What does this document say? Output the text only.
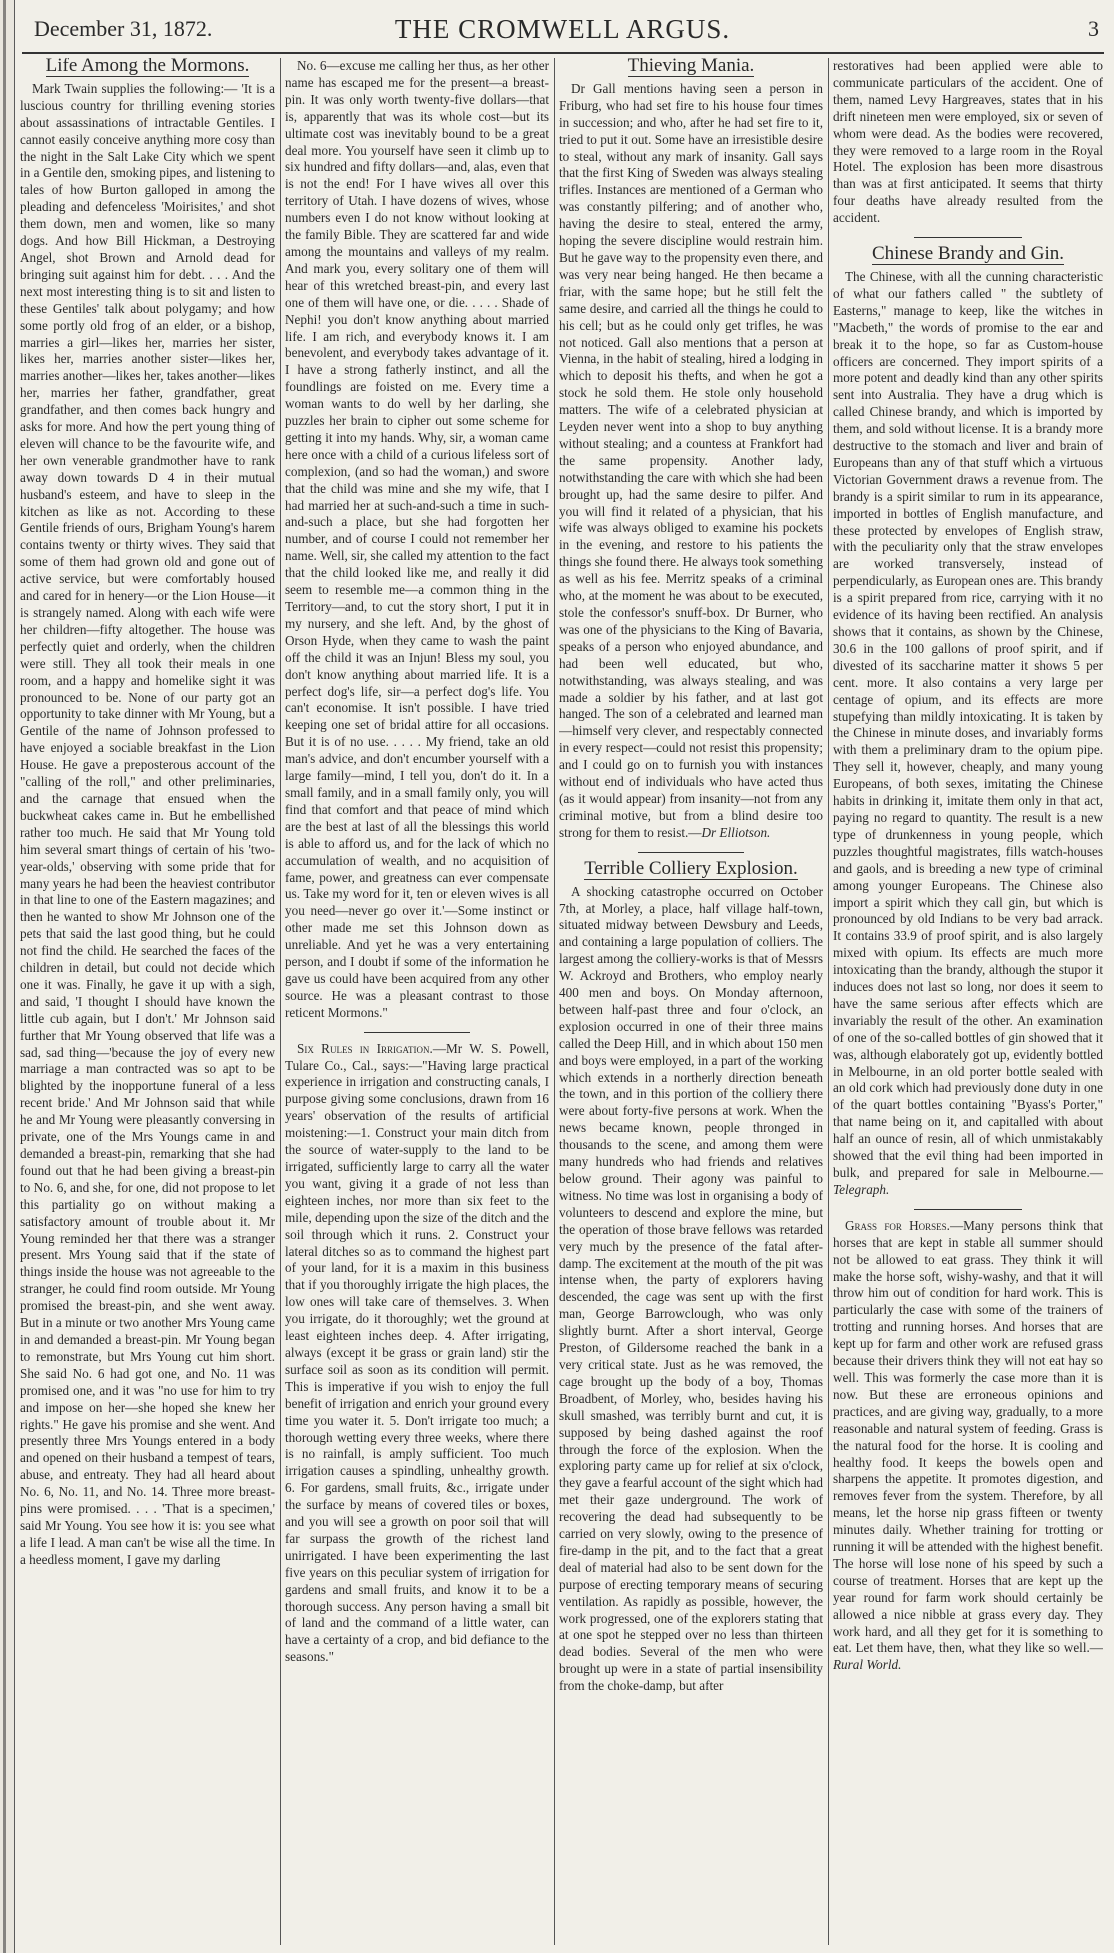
December 31, 1872.	THE CROMWELL ARGUS.	3
Life Among the Mormons.

Mark Twain supplies the following:— 'It is a luscious country for thrilling evening stories about assassinations of intractable Gentiles. I cannot easily conceive anything more cosy than the night in the Salt Lake City which we spent in a Gentile den, smoking pipes, and listening to tales of how Burton galloped in among the pleading and defenceless 'Moirisites,' and shot them down, men and women, like so many dogs. And how Bill Hickman, a Destroying Angel, shot Brown and Arnold dead for bringing suit against him for debt. . . . And the next most interesting thing is to sit and listen to these Gentiles' talk about polygamy; and how some portly old frog of an elder, or a bishop, marries a girl—likes her, marries her sister, likes her, marries another sister—likes her, marries another—likes her, takes another—likes her, marries her father, grandfather, great grandfather, and then comes back hungry and asks for more. And how the pert young thing of eleven will chance to be the favourite wife, and her own venerable grandmother have to rank away down towards D 4 in their mutual husband's esteem, and have to sleep in the kitchen as like as not. According to these Gentile friends of ours, Brigham Young's harem contains twenty or thirty wives. They said that some of them had grown old and gone out of active service, but were comfortably housed and cared for in henery—or the Lion House—it is strangely named. Along with each wife were her children—fifty altogether. The house was perfectly quiet and orderly, when the children were still. They all took their meals in one room, and a happy and homelike sight it was pronounced to be. None of our party got an opportunity to take dinner with Mr Young, but a Gentile of the name of Johnson professed to have enjoyed a sociable breakfast in the Lion House. He gave a preposterous account of the "calling of the roll," and other preliminaries, and the carnage that ensued when the buckwheat cakes came in. But he embellished rather too much. He said that Mr Young told him several smart things of certain of his 'two-year-olds,' observing with some pride that for many years he had been the heaviest contributor in that line to one of the Eastern magazines; and then he wanted to show Mr Johnson one of the pets that said the last good thing, but he could not find the child. He searched the faces of the children in detail, but could not decide which one it was. Finally, he gave it up with a sigh, and said, 'I thought I should have known the little cub again, but I don't.' Mr Johnson said further that Mr Young observed that life was a sad, sad thing—'because the joy of every new marriage a man contracted was so apt to be blighted by the inopportune funeral of a less recent bride.' And Mr Johnson said that while he and Mr Young were pleasantly conversing in private, one of the Mrs Youngs came in and demanded a breast-pin, remarking that she had found out that he had been giving a breast-pin to No. 6, and she, for one, did not propose to let this partiality go on without making a satisfactory amount of trouble about it. Mr Young reminded her that there was a stranger present. Mrs Young said that if the state of things inside the house was not agreeable to the stranger, he could find room outside. Mr Young promised the breast-pin, and she went away. But in a minute or two another Mrs Young came in and demanded a breast-pin. Mr Young began to remonstrate, but Mrs Young cut him short. She said No. 6 had got one, and No. 11 was promised one, and it was "no use for him to try and impose on her—she hoped she knew her rights." He gave his promise and she went. And presently three Mrs Youngs entered in a body and opened on their husband a tempest of tears, abuse, and entreaty. They had all heard about No. 6, No. 11, and No. 14. Three more breast-pins were promised. . . . 'That is a specimen,' said Mr Young. You see how it is: you see what a life I lead. A man can't be wise all the time. In a heedless moment, I gave my darling

No. 6—excuse me calling her thus, as her other name has escaped me for the present—a breast-pin. It was only worth twenty-five dollars—that is, apparently that was its whole cost—but its ultimate cost was inevitably bound to be a great deal more. You yourself have seen it climb up to six hundred and fifty dollars—and, alas, even that is not the end! For I have wives all over this territory of Utah. I have dozens of wives, whose numbers even I do not know without looking at the family Bible. They are scattered far and wide among the mountains and valleys of my realm. And mark you, every solitary one of them will hear of this wretched breast-pin, and every last one of them will have one, or die. . . . . Shade of Nephi! you don't know anything about married life. I am rich, and everybody knows it. I am benevolent, and everybody takes advantage of it. I have a strong fatherly instinct, and all the foundlings are foisted on me. Every time a woman wants to do well by her darling, she puzzles her brain to cipher out some scheme for getting it into my hands. Why, sir, a woman came here once with a child of a curious lifeless sort of complexion, (and so had the woman,) and swore that the child was mine and she my wife, that I had married her at such-and-such a time in such-and-such a place, but she had forgotten her number, and of course I could not remember her name. Well, sir, she called my attention to the fact that the child looked like me, and really it did seem to resemble me—a common thing in the Territory—and, to cut the story short, I put it in my nursery, and she left. And, by the ghost of Orson Hyde, when they came to wash the paint off the child it was an Injun! Bless my soul, you don't know anything about married life. It is a perfect dog's life, sir—a perfect dog's life. You can't economise. It isn't possible. I have tried keeping one set of bridal attire for all occasions. But it is of no use. . . . . My friend, take an old man's advice, and don't encumber yourself with a large family—mind, I tell you, don't do it. In a small family, and in a small family only, you will find that comfort and that peace of mind which are the best at last of all the blessings this world is able to afford us, and for the lack of which no accumulation of wealth, and no acquisition of fame, power, and greatness can ever compensate us. Take my word for it, ten or eleven wives is all you need—never go over it.'—Some instinct or other made me set this Johnson down as unreliable. And yet he was a very entertaining person, and I doubt if some of the information he gave us could have been acquired from any other source. He was a pleasant contrast to those reticent Mormons."

Six Rules in Irrigation.—Mr W. S. Powell, Tulare Co., Cal., says:—"Having large practical experience in irrigation and constructing canals, I purpose giving some conclusions, drawn from 16 years' observation of the results of artificial moistening:—1. Construct your main ditch from the source of water-supply to the land to be irrigated, sufficiently large to carry all the water you want, giving it a grade of not less than eighteen inches, nor more than six feet to the mile, depending upon the size of the ditch and the soil through which it runs. 2. Construct your lateral ditches so as to command the highest part of your land, for it is a maxim in this business that if you thoroughly irrigate the high places, the low ones will take care of themselves. 3. When you irrigate, do it thoroughly; wet the ground at least eighteen inches deep. 4. After irrigating, always (except it be grass or grain land) stir the surface soil as soon as its condition will permit. This is imperative if you wish to enjoy the full benefit of irrigation and enrich your ground every time you water it. 5. Don't irrigate too much; a thorough wetting every three weeks, where there is no rainfall, is amply sufficient. Too much irrigation causes a spindling, unhealthy growth. 6. For gardens, small fruits, &c., irrigate under the surface by means of covered tiles or boxes, and you will see a growth on poor soil that will far surpass the growth of the richest land unirrigated. I have been experimenting the last five years on this peculiar system of irrigation for gardens and small fruits, and know it to be a thorough success. Any person having a small bit of land and the command of a little water, can have a certainty of a crop, and bid defiance to the seasons."

Thieving Mania.

Dr Gall mentions having seen a person in Friburg, who had set fire to his house four times in succession; and who, after he had set fire to it, tried to put it out. Some have an irresistible desire to steal, without any mark of insanity. Gall says that the first King of Sweden was always stealing trifles. Instances are mentioned of a German who was constantly pilfering; and of another who, having the desire to steal, entered the army, hoping the severe discipline would restrain him. But he gave way to the propensity even there, and was very near being hanged. He then became a friar, with the same hope; but he still felt the same desire, and carried all the things he could to his cell; but as he could only get trifles, he was not noticed. Gall also mentions that a person at Vienna, in the habit of stealing, hired a lodging in which to deposit his thefts, and when he got a stock he sold them. He stole only household matters. The wife of a celebrated physician at Leyden never went into a shop to buy anything without stealing; and a countess at Frankfort had the same propensity. Another lady, notwithstanding the care with which she had been brought up, had the same desire to pilfer. And you will find it related of a physician, that his wife was always obliged to examine his pockets in the evening, and restore to his patients the things she found there. He always took something as well as his fee. Merritz speaks of a criminal who, at the moment he was about to be executed, stole the confessor's snuff-box. Dr Burner, who was one of the physicians to the King of Bavaria, speaks of a person who enjoyed abundance, and had been well educated, but who, notwithstanding, was always stealing, and was made a soldier by his father, and at last got hanged. The son of a celebrated and learned man—himself very clever, and respectably connected in every respect—could not resist this propensity; and I could go on to furnish you with instances without end of individuals who have acted thus (as it would appear) from insanity—not from any criminal motive, but from a blind desire too strong for them to resist.—Dr Elliotson.

Terrible Colliery Explosion.

A shocking catastrophe occurred on October 7th, at Morley, a place, half village half-town, situated midway between Dewsbury and Leeds, and containing a large population of colliers. The largest among the colliery-works is that of Messrs W. Ackroyd and Brothers, who employ nearly 400 men and boys. On Monday afternoon, between half-past three and four o'clock, an explosion occurred in one of their three mains called the Deep Hill, and in which about 150 men and boys were employed, in a part of the working which extends in a northerly direction beneath the town, and in this portion of the colliery there were about forty-five persons at work. When the news became known, people thronged in thousands to the scene, and among them were many hundreds who had friends and relatives below ground. Their agony was painful to witness. No time was lost in organising a body of volunteers to descend and explore the mine, but the operation of those brave fellows was retarded very much by the presence of the fatal after-damp. The excitement at the mouth of the pit was intense when, the party of explorers having descended, the cage was sent up with the first man, George Barrowclough, who was only slightly burnt. After a short interval, George Preston, of Gildersome reached the bank in a very critical state. Just as he was removed, the cage brought up the body of a boy, Thomas Broadbent, of Morley, who, besides having his skull smashed, was terribly burnt and cut, it is supposed by being dashed against the roof through the force of the explosion. When the exploring party came up for relief at six o'clock, they gave a fearful account of the sight which had met their gaze underground. The work of recovering the dead had subsequently to be carried on very slowly, owing to the presence of fire-damp in the pit, and to the fact that a great deal of material had also to be sent down for the purpose of erecting temporary means of securing ventilation. As rapidly as possible, however, the work progressed, one of the explorers stating that at one spot he stepped over no less than thirteen dead bodies. Several of the men who were brought up were in a state of partial insensibility from the choke-damp, but after

restoratives had been applied were able to communicate particulars of the accident. One of them, named Levy Hargreaves, states that in his drift nineteen men were employed, six or seven of whom were dead. As the bodies were recovered, they were removed to a large room in the Royal Hotel. The explosion has been more disastrous than was at first anticipated. It seems that thirty four deaths have already resulted from the accident.

Chinese Brandy and Gin.

The Chinese, with all the cunning characteristic of what our fathers called " the subtlety of Easterns," manage to keep, like the witches in "Macbeth," the words of promise to the ear and break it to the hope, so far as Custom-house officers are concerned. They import spirits of a more potent and deadly kind than any other spirits sent into Australia. They have a drug which is called Chinese brandy, and which is imported by them, and sold without license. It is a brandy more destructive to the stomach and liver and brain of Europeans than any of that stuff which a virtuous Victorian Government draws a revenue from. The brandy is a spirit similar to rum in its appearance, imported in bottles of English manufacture, and these protected by envelopes of English straw, with the peculiarity only that the straw envelopes are worked transversely, instead of perpendicularly, as European ones are. This brandy is a spirit prepared from rice, carrying with it no evidence of its having been rectified. An analysis shows that it contains, as shown by the Chinese, 30.6 in the 100 gallons of proof spirit, and if divested of its saccharine matter it shows 5 per cent. more. It also contains a very large per centage of opium, and its effects are more stupefying than mildly intoxicating. It is taken by the Chinese in minute doses, and invariably forms with them a preliminary dram to the opium pipe. They sell it, however, cheaply, and many young Europeans, of both sexes, imitating the Chinese habits in drinking it, imitate them only in that act, paying no regard to quantity. The result is a new type of drunkenness in young people, which puzzles thoughtful magistrates, fills watch-houses and gaols, and is breeding a new type of criminal among younger Europeans. The Chinese also import a spirit which they call gin, but which is pronounced by old Indians to be very bad arrack. It contains 33.9 of proof spirit, and is also largely mixed with opium. Its effects are much more intoxicating than the brandy, although the stupor it induces does not last so long, nor does it seem to have the same serious after effects which are invariably the result of the other. An examination of one of the so-called bottles of gin showed that it was, although elaborately got up, evidently bottled in Melbourne, in an old porter bottle sealed with an old cork which had previously done duty in one of the quart bottles containing "Byass's Porter," that name being on it, and capitalled with about half an ounce of resin, all of which unmistakably showed that the evil thing had been imported in bulk, and prepared for sale in Melbourne.—Telegraph.

Grass for Horses.—Many persons think that horses that are kept in stable all summer should not be allowed to eat grass. They think it will make the horse soft, wishy-washy, and that it will throw him out of condition for hard work. This is particularly the case with some of the trainers of trotting and running horses. And horses that are kept up for farm and other work are refused grass because their drivers think they will not eat hay so well. This was formerly the case more than it is now. But these are erroneous opinions and practices, and are giving way, gradually, to a more reasonable and natural system of feeding. Grass is the natural food for the horse. It is cooling and healthy food. It keeps the bowels open and sharpens the appetite. It promotes digestion, and removes fever from the system. Therefore, by all means, let the horse nip grass fifteen or twenty minutes daily. Whether training for trotting or running it will be attended with the highest benefit. The horse will lose none of his speed by such a course of treatment. Horses that are kept up the year round for farm work should certainly be allowed a nice nibble at grass every day. They work hard, and all they get for it is something to eat. Let them have, then, what they like so well.—Rural World.
